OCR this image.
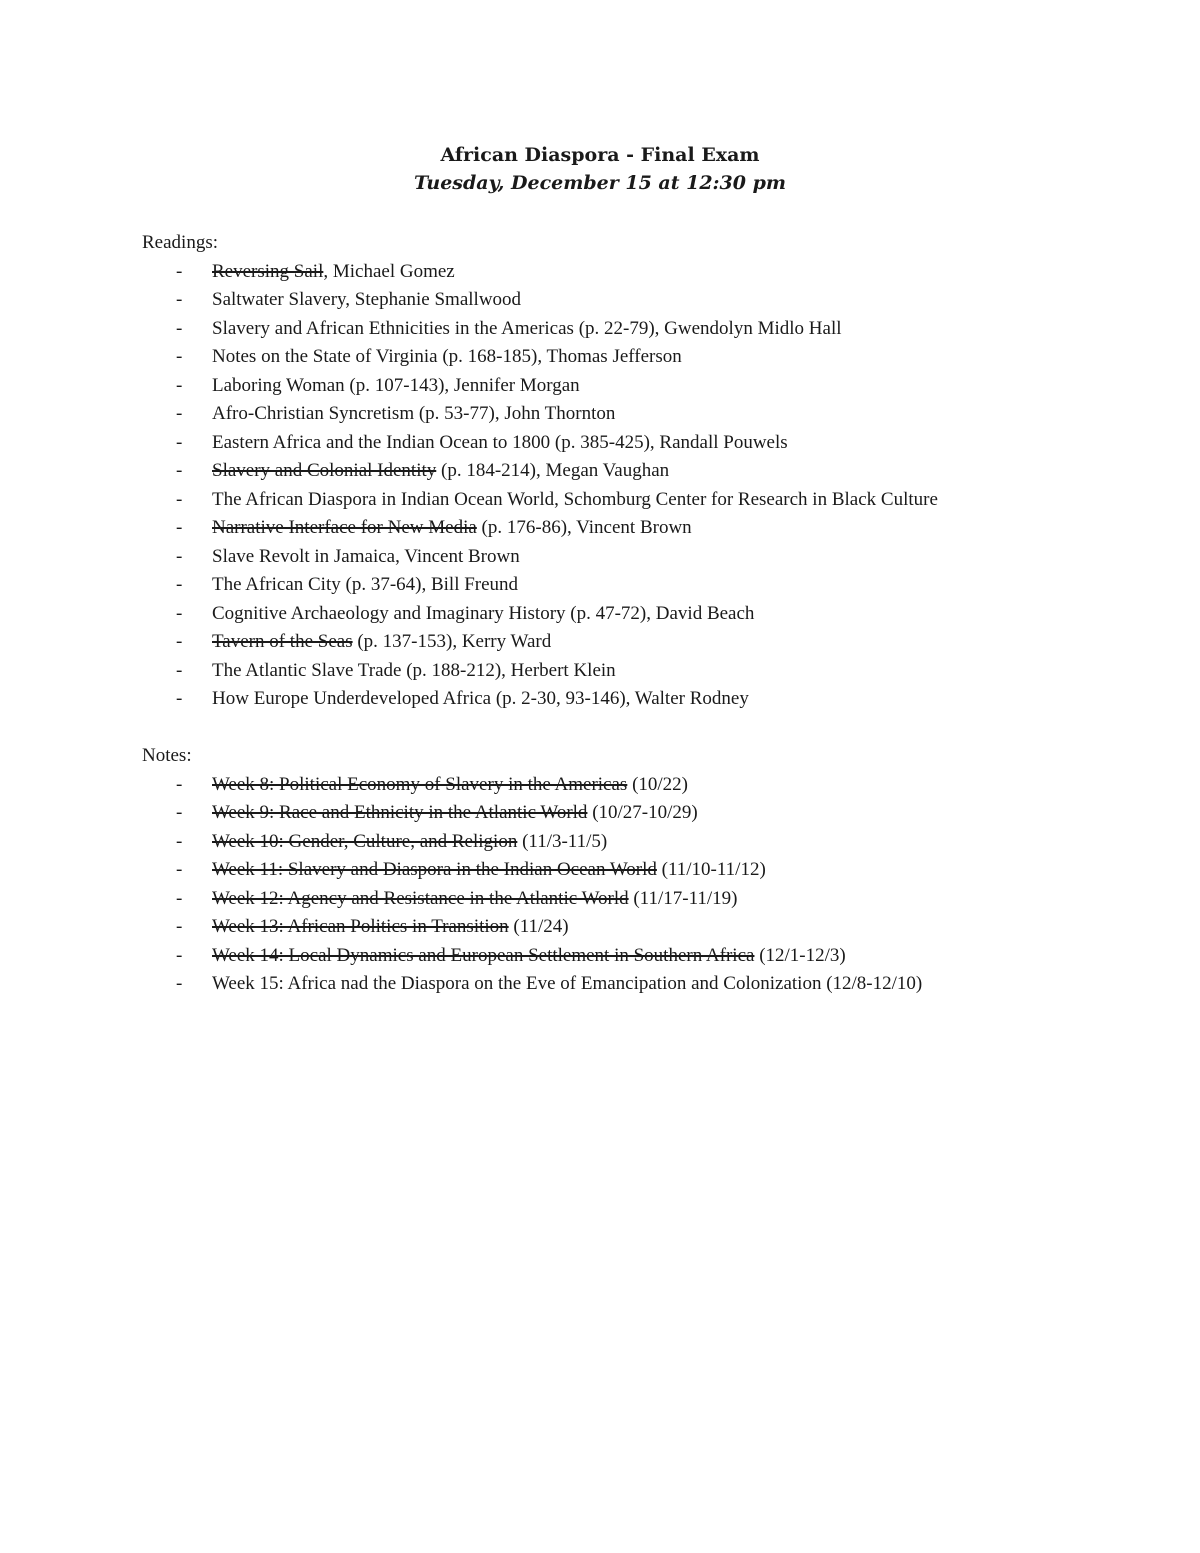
African Diaspora - Final Exam
Tuesday, December 15 at 12:30 pm
Readings:
- Reversing Sail, Michael Gomez
- Saltwater Slavery, Stephanie Smallwood
- Slavery and African Ethnicities in the Americas (p. 22-79), Gwendolyn Midlo Hall
- Notes on the State of Virginia (p. 168-185), Thomas Jefferson
- Laboring Woman (p. 107-143), Jennifer Morgan
- Afro-Christian Syncretism (p. 53-77), John Thornton
- Eastern Africa and the Indian Ocean to 1800 (p. 385-425), Randall Pouwels
- Slavery and Colonial Identity (p. 184-214), Megan Vaughan
- The African Diaspora in Indian Ocean World, Schomburg Center for Research in Black Culture
- Narrative Interface for New Media (p. 176-86), Vincent Brown
- Slave Revolt in Jamaica, Vincent Brown
- The African City (p. 37-64), Bill Freund
- Cognitive Archaeology and Imaginary History (p. 47-72), David Beach
- Tavern of the Seas (p. 137-153), Kerry Ward
- The Atlantic Slave Trade (p. 188-212), Herbert Klein
- How Europe Underdeveloped Africa (p. 2-30, 93-146), Walter Rodney
Notes:
- Week 8: Political Economy of Slavery in the Americas (10/22)
- Week 9: Race and Ethnicity in the Atlantic World (10/27-10/29)
- Week 10: Gender, Culture, and Religion (11/3-11/5)
- Week 11: Slavery and Diaspora in the Indian Ocean World (11/10-11/12)
- Week 12: Agency and Resistance in the Atlantic World (11/17-11/19)
- Week 13: African Politics in Transition (11/24)
- Week 14: Local Dynamics and European Settlement in Southern Africa (12/1-12/3)
- Week 15: Africa nad the Diaspora on the Eve of Emancipation and Colonization (12/8-12/10)
